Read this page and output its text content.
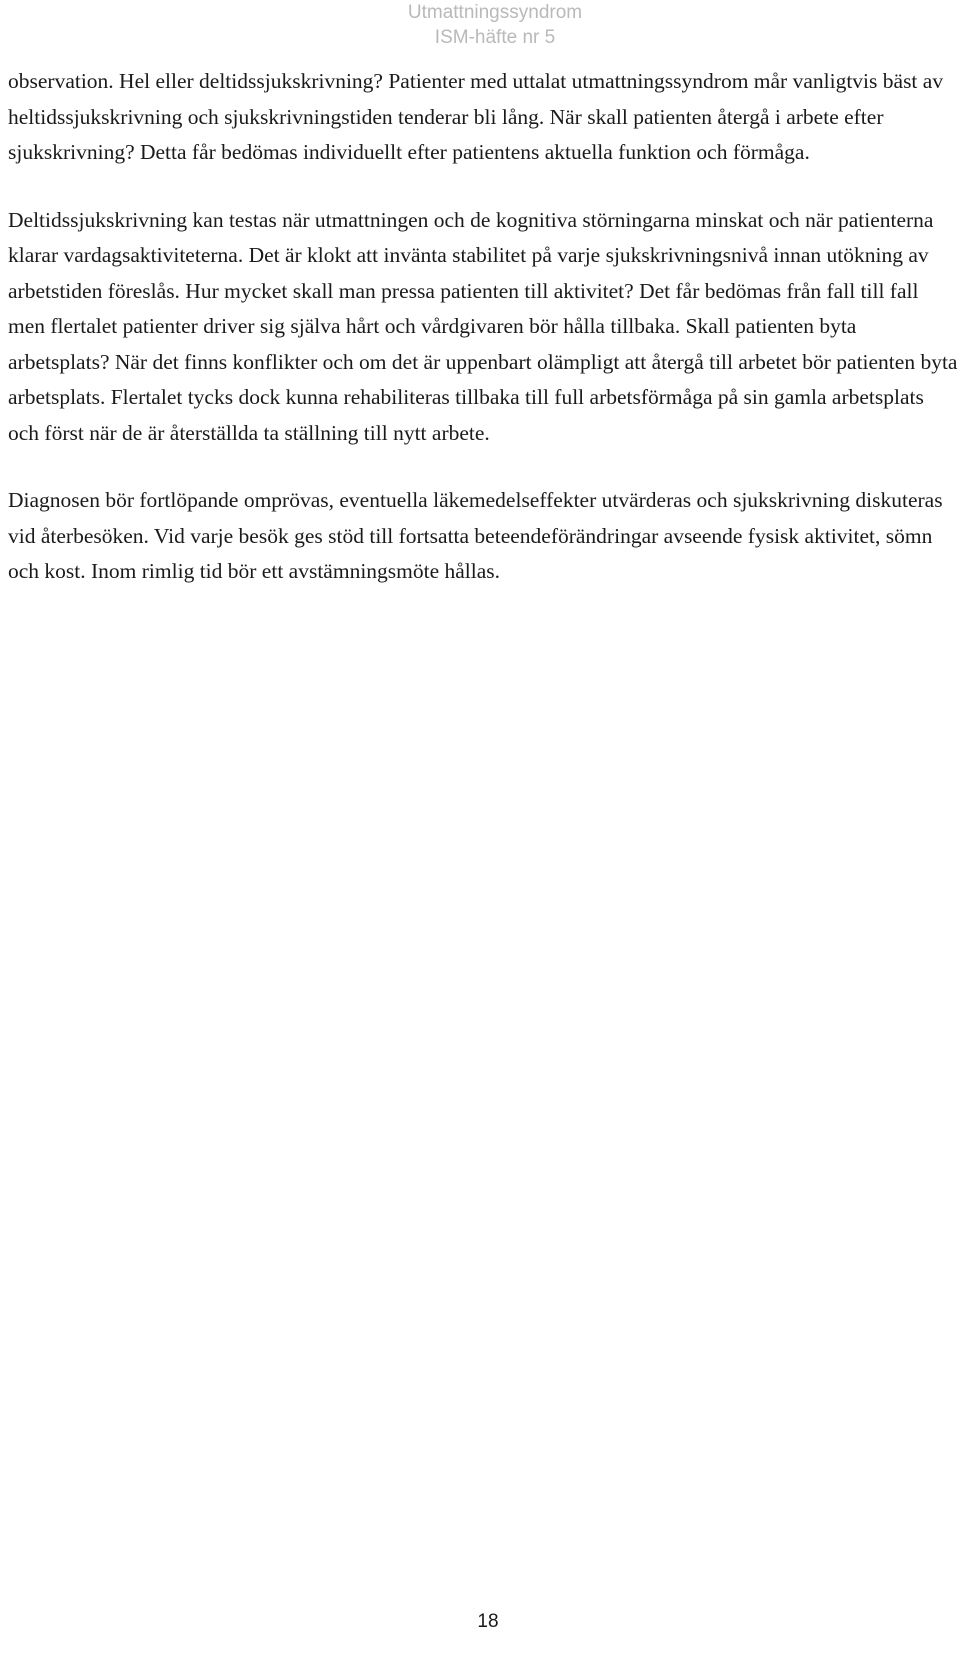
Utmattningssyndrom
ISM-häfte nr 5

observation. Hel eller deltidssjukskrivning? Patienter med uttalat utmattningssyndrom mår vanligtvis bäst av heltidssjukskrivning och sjukskrivningstiden tenderar bli lång. När skall patienten återgå i arbete efter sjukskrivning? Detta får bedömas individuellt efter patientens aktuella funktion och förmåga.

Deltidssjukskrivning kan testas när utmattningen och de kognitiva störningarna minskat och när patienterna klarar vardagsaktiviteterna. Det är klokt att invänta stabilitet på varje sjukskrivningsnivå innan utökning av arbetstiden föreslås. Hur mycket skall man pressa patienten till aktivitet? Det får bedömas från fall till fall men flertalet patienter driver sig själva hårt och vårdgivaren bör hålla tillbaka. Skall patienten byta arbetsplats? När det finns konflikter och om det är uppenbart olämpligt att återgå till arbetet bör patienten byta arbetsplats. Flertalet tycks dock kunna rehabiliteras tillbaka till full arbetsförmåga på sin gamla arbetsplats och först när de är återställda ta ställning till nytt arbete.

Diagnosen bör fortlöpande omprövas, eventuella läkemedelseffekter utvärderas och sjukskrivning diskuteras vid återbesöken. Vid varje besök ges stöd till fortsatta beteendeförändringar avseende fysisk aktivitet, sömn och kost. Inom rimlig tid bör ett avstämningsmöte hållas.

18
